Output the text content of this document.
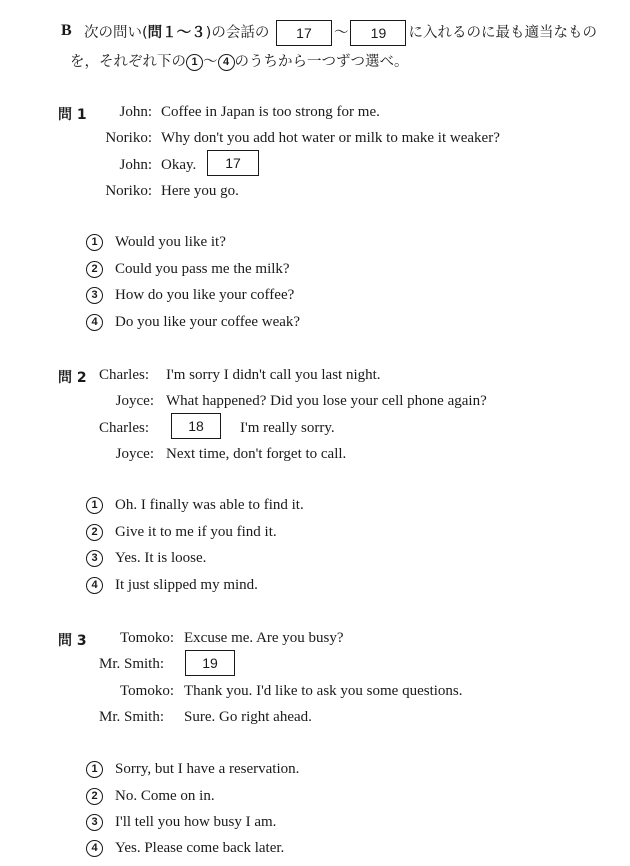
B 次の問い(問１〜３)の会話の 17 〜 19 に入れるのに最も適当なもの
を，それぞれ下の 1 〜 4 のうちから一つずつ選べ。
問 1	John: Coffee in Japan is too strong for me.
Noriko: Why don't you add hot water or milk to make it weaker?
John: Okay.	17
Noriko: Here you go.
1 Would you like it?
2 Could you pass me the milk?
3 How do you like your coffee?
4 Do you like your coffee weak?
問 2 Charles: I'm sorry I didn't call you last night.
Joyce: What happened? Did you lose your cell phone again?
Charles:	18	I'm really sorry.
Joyce: Next time, don't forget to call.
1 Oh. I finally was able to find it.
2 Give it to me if you find it.
3 Yes. It is loose.
4 It just slipped my mind.
問 3	Tomoko: Excuse me. Are you busy?
Mr. Smith:	19
Tomoko: Thank you. I'd like to ask you some questions.
Mr. Smith: Sure. Go right ahead.
1 Sorry, but I have a reservation.
2 No. Come on in.
3 I'll tell you how busy I am.
4 Yes. Please come back later.
